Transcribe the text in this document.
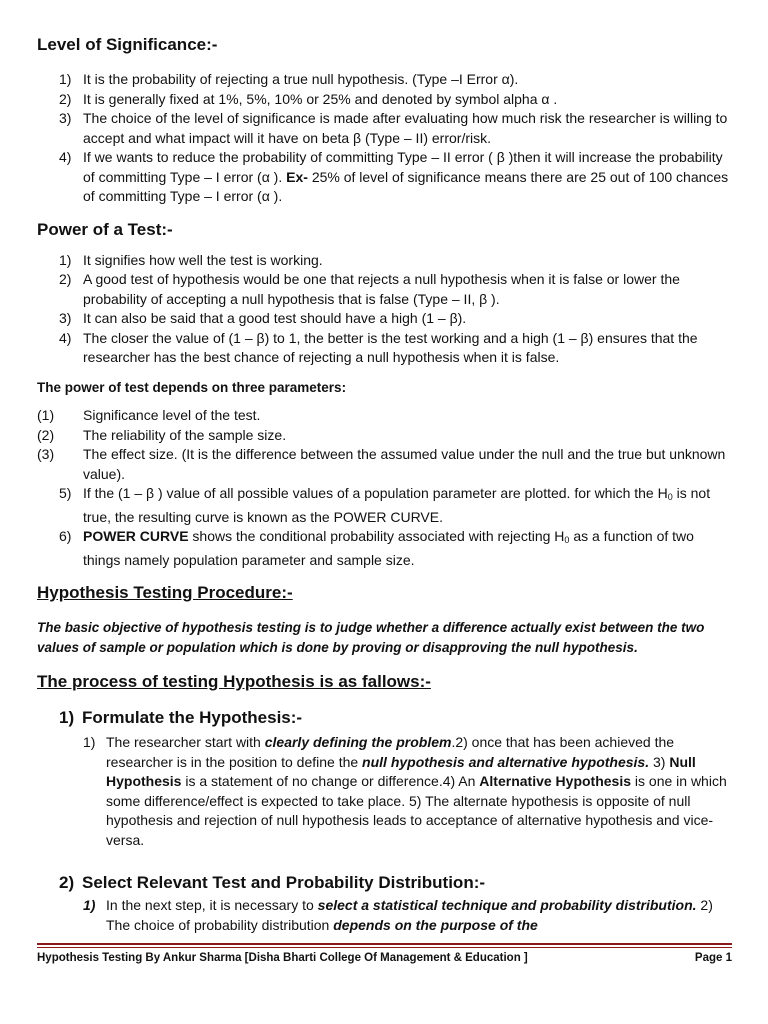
Level of Significance:-
1) It is the probability of rejecting a true null hypothesis. (Type –I Error α).
2) It is generally fixed at 1%, 5%, 10% or 25% and denoted by symbol alpha α .
3) The choice of the level of significance is made after evaluating how much risk the researcher is willing to accept and what impact will it have on beta β (Type – II) error/risk.
4) If we wants to reduce the probability of committing Type – II error ( β )then it will increase the probability of committing Type – I error (α ). Ex- 25% of level of significance means there are 25 out of 100 chances of committing Type – I error (α ).
Power of a Test:-
1) It signifies how well the test is working.
2) A good test of hypothesis would be one that rejects a null hypothesis when it is false or lower the probability of accepting a null hypothesis that is false (Type – II, β ).
3) It can also be said that a good test should have a high (1 – β).
4) The closer the value of (1 – β) to 1, the better is the test working and a high (1 – β) ensures that the researcher has the best chance of rejecting a null hypothesis when it is false.

The power of test depends on three parameters:

(1) Significance level of the test.
(2) The reliability of the sample size.
(3) The effect size. (It is the difference between the assumed value under the null and the true but unknown value).
5) If the (1 – β ) value of all possible values of a population parameter are plotted. for which the $H_0$ is not true, the resulting curve is known as the POWER CURVE.
6) POWER CURVE shows the conditional probability associated with rejecting $H_0$ as a function of two things namely population parameter and sample size.
Hypothesis Testing Procedure:-

The basic objective of hypothesis testing is to judge whether a difference actually exist between the two values of sample or population which is done by proving or disapproving the null hypothesis.

The process of testing Hypothesis is as fallows:-
1) Formulate the Hypothesis:-
1) The researcher start with clearly defining the problem.2) once that has been achieved the researcher is in the position to define the null hypothesis and alternative hypothesis. 3) Null Hypothesis is a statement of no change or difference.4) An Alternative Hypothesis is one in which some difference/effect is expected to take place. 5) The alternate hypothesis is opposite of null hypothesis and rejection of null hypothesis leads to acceptance of alternative hypothesis and vice-versa.
2) Select Relevant Test and Probability Distribution:-
1) In the next step, it is necessary to select a statistical technique and probability distribution. 2) The choice of probability distribution depends on the purpose of the
Hypothesis Testing By Ankur Sharma [Disha Bharti College Of Management & Education ]	Page 1
